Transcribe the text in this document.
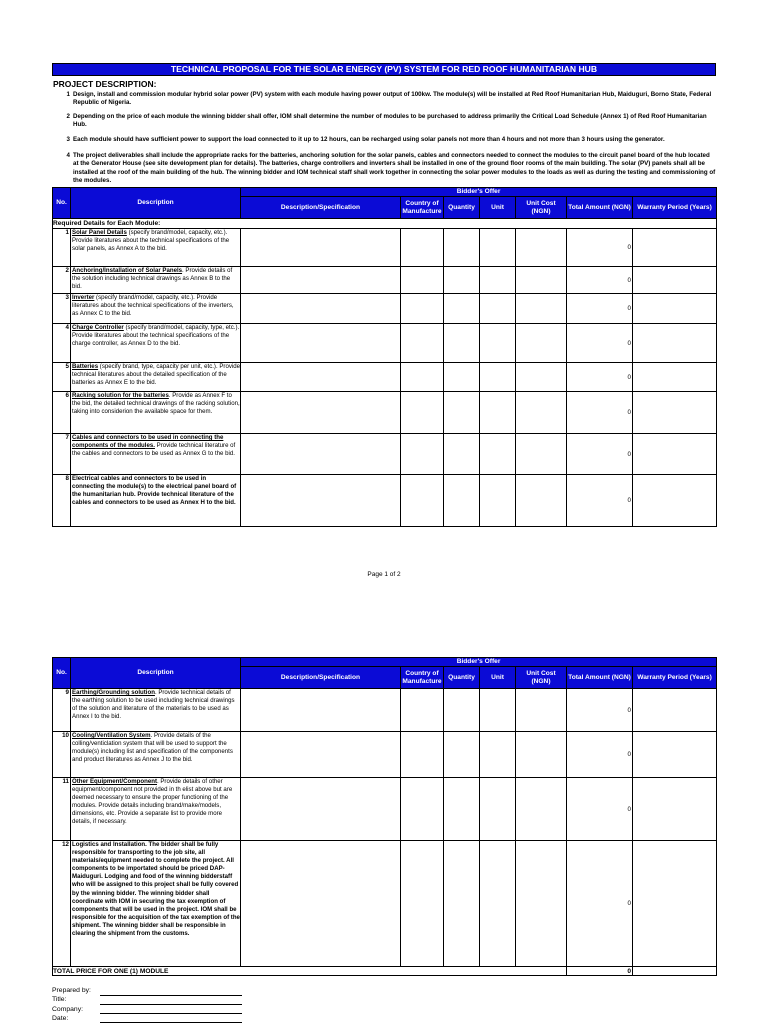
TECHNICAL PROPOSAL FOR THE SOLAR ENERGY (PV) SYSTEM FOR RED ROOF HUMANITARIAN HUB
PROJECT DESCRIPTION:
1 Design, install and commission modular hybrid solar power (PV) system with each module having power output of 100kw. The module(s) will be installed at Red Roof Humanitarian Hub, Maiduguri, Borno State, Federal Republic of Nigeria.
2 Depending on the price of each module the winning bidder shall offer, IOM shall determine the number of modules to be purchased to address primarily the Critical Load Schedule (Annex 1) of Red Roof Humanitarian Hub.
3 Each module should have sufficient power to support the load connected to it up to 12 hours, can be recharged using solar panels not more than 4 hours and not more than 3 hours using the generator.
4 The project deliverables shall include the appropriate racks for the batteries, anchoring solution for the solar panels, cables and connectors needed to connect the modules to the circuit panel board of the hub located at the Generator House (see site development plan for details). The batteries, charge controllers and inverters shall be installed in one of the ground floor rooms of the main building. The solar (PV) panels shall all be installed at the roof of the main building of the hub. The winning bidder and IOM technical staff shall work together in connecting the solar power modules to the loads as well as during the testing and commissioning of the modules.
No.	Description	Bidder's Offer						
		Description/Specification	Country of Manufacture	Quantity	Unit	Unit Cost (NGN)	Total Amount (NGN)	Warranty Period (Years)
Required Details for Each Module:								
1	Solar Panel Details (specify brand/model, capacity, etc.). Provide literatures about the technical specifications of the solar panels, as Annex A to the bid.						0	
2	Anchoring/Installation of Solar Panels. Provide details of the solution including technical drawings as Annex B to the bid.						0	
3	Inverter (specify brand/model, capacity, etc.). Provide literatures about the technical specifications of the inverters, as Annex C to the bid.						0	
4	Charge Controller (specify brand/model, capacity, type, etc.). Provide literatures about the technical specifications of the charge controller, as Annex D to the bid.						0	
5	Batteries (specify brand, type, capacity per unit, etc.). Provide technical literatures about the detailed specification of the batteries as Annex E to the bid.						0	
6	Racking solution for the batteries. Provide as Annex F to the bid, the detailed technical drawings of the racking solution, taking into considerion the available space for them.						0	
7	Cables and connectors to be used in connecting the components of the modules. Provide technical literature of the cables and connectors to be used as Annex G to the bid.						0	
8	Electrical cables and connectors to be used in connecting the module(s) to the electrical panel board of the humanitarian hub. Provide technical literature of the cables and connectors to be used as Annex H to the bid.						0	
Page 1 of 2
No.	Description	Bidder's Offer						
		Description/Specification	Country of Manufacture	Quantity	Unit	Unit Cost (NGN)	Total Amount (NGN)	Warranty Period (Years)
9	Earthing/Grounding solution. Provide technical details of the earthing solution to be used including technical drawings of the solution and literature of the materials to be used as Annex I to the bid.						0	
10	Cooling/Ventilation System. Provide details of the colling/venticlation system that will be used to support the module(s) including list and specification of the components and product literatures as Annex J to the bid.						0	
11	Other Equipment/Component. Provide details of other equipment/component not provided in th elist above but are deemed necessary to ensure the proper functioning of the modules. Provide details including brand/make/models, dimensions, etc. Provide a separate list to provide more details, if necessary.						0	
12	Logistics and Installation. The bidder shall be fully responsible for transporting to the job site, all materials/equipment needed to complete the project. All components to be importated should be priced DAP-Maiduguri. Lodging and food of the winning bidderstaff who will be assigned to this project shall be fully covered by the winning bidder. The winning bidder shall coordinate with IOM in securing the tax exemption of components that will be used in the project. IOM shall be responsible for the acquisition of the tax exemption of the shipment. The winning bidder shall be responsible in clearing the shipment from the customs.						0	
TOTAL PRICE FOR ONE (1) MODULE							0	
Prepared by:
Title:
Company:
Date:
